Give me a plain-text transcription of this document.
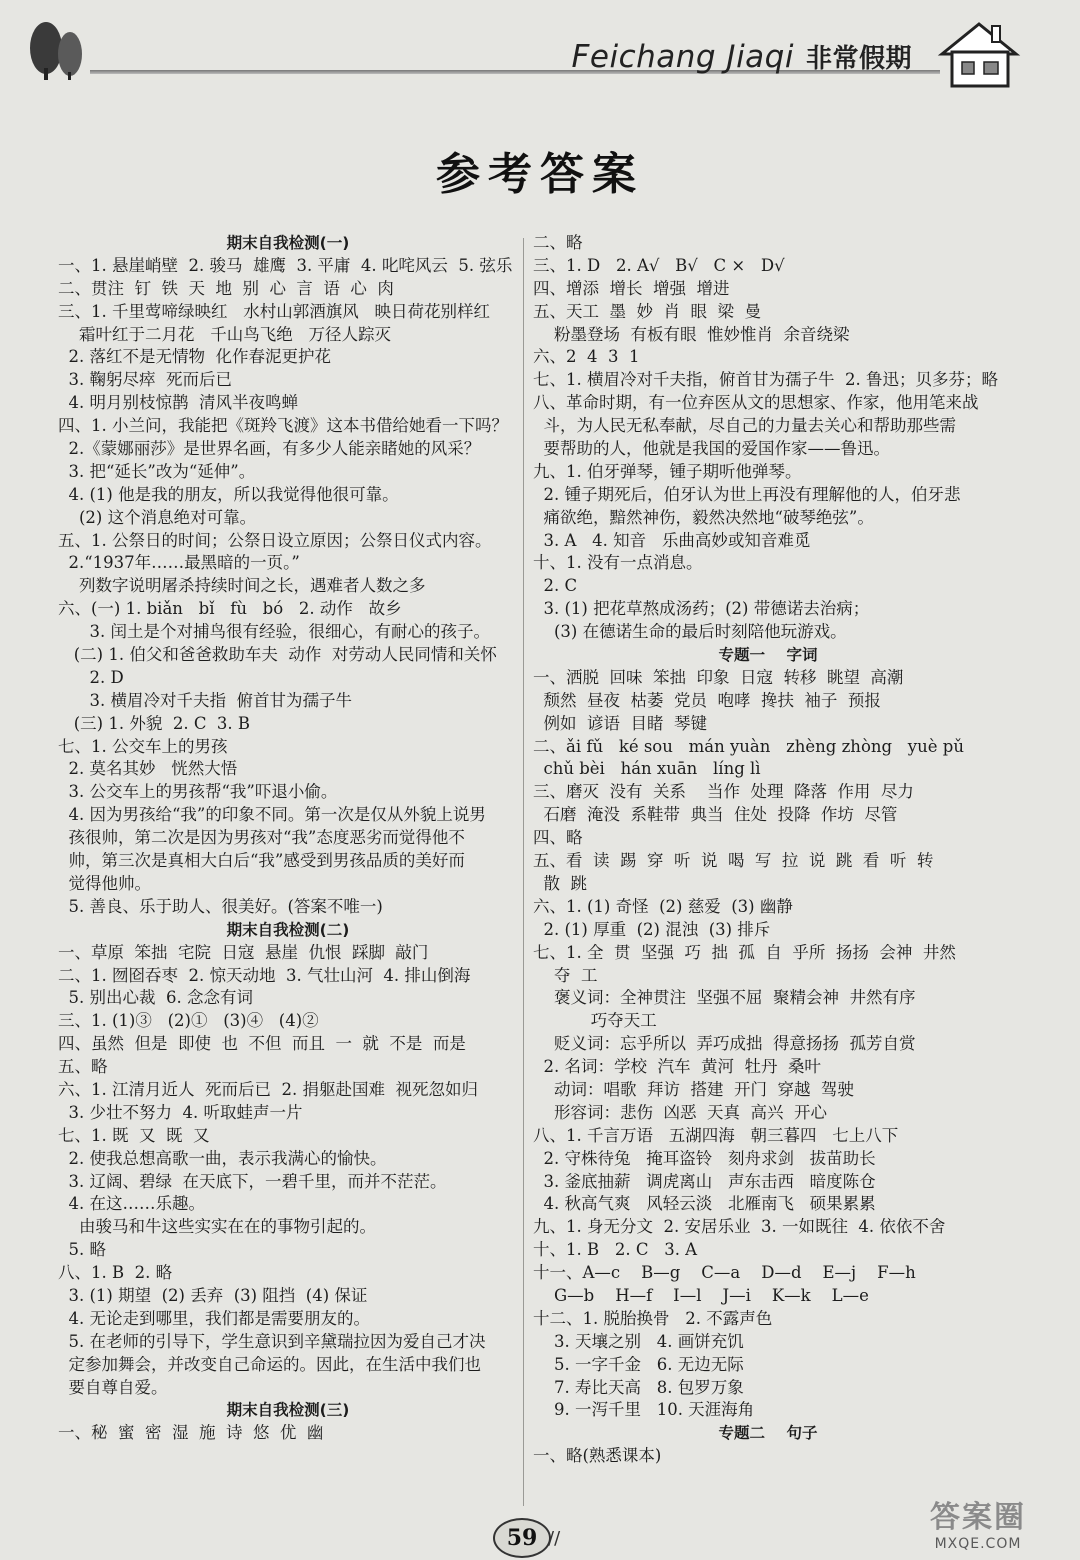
Feichang Jiaqi 非常假期
参考答案
期末自我检测(一)
一、1. 悬崖峭壁  2. 骏马  雄鹰  3. 平庸  4. 叱咤风云  5. 弦乐
二、贯注  钉  铁  天  地  别  心  言  语  心  肉
三、1. 千里莺啼绿映红   水村山郭酒旗风   映日荷花别样红
霜叶红于二月花   千山鸟飞绝   万径人踪灭
2. 落红不是无情物  化作春泥更护花
3. 鞠躬尽瘁  死而后已
4. 明月别枝惊鹊  清风半夜鸣蝉
四、1. 小兰问，我能把《斑羚飞渡》这本书借给她看一下吗？
2.《蒙娜丽莎》是世界名画，有多少人能亲睹她的风采？
3. 把“延长”改为“延伸”。
4. (1) 他是我的朋友，所以我觉得他很可靠。
(2) 这个消息绝对可靠。
五、1. 公祭日的时间；公祭日设立原因；公祭日仪式内容。
2.“1937年……最黑暗的一页。”
列数字说明屠杀持续时间之长，遇难者人数之多
六、(一) 1. biǎn   bǐ   fù   bó   2. 动作   故乡
3. 闰土是个对捕鸟很有经验，很细心，有耐心的孩子。
(二) 1. 伯父和爸爸救助车夫  动作  对劳动人民同情和关怀
2. D
3. 横眉冷对千夫指  俯首甘为孺子牛
(三) 1. 外貌  2. C  3. B
七、1. 公交车上的男孩
2. 莫名其妙   恍然大悟
3. 公交车上的男孩帮“我”吓退小偷。
4. 因为男孩给“我”的印象不同。第一次是仅从外貌上说男
孩很帅，第二次是因为男孩对“我”态度恶劣而觉得他不
帅，第三次是真相大白后“我”感受到男孩品质的美好而
觉得他帅。
5. 善良、乐于助人、很美好。(答案不唯一)
期末自我检测(二)
一、草原  笨拙  宅院  日寇  悬崖  仇恨  踩脚  敲门
二、1. 囫囵吞枣  2. 惊天动地  3. 气壮山河  4. 排山倒海
5. 别出心裁  6. 念念有词
三、1. (1)③   (2)①   (3)④   (4)②
四、虽然  但是  即使  也  不但  而且  一  就  不是  而是
五、略
六、1. 江清月近人  死而后已  2. 捐躯赴国难  视死忽如归
3. 少壮不努力  4. 听取蛙声一片
七、1. 既  又  既  又
2. 使我总想高歌一曲，表示我满心的愉快。
3. 辽阔、碧绿  在天底下，一碧千里，而并不茫茫。
4. 在这……乐趣。
由骏马和牛这些实实在在的事物引起的。
5. 略
八、1. B  2. 略
3. (1) 期望  (2) 丢弃  (3) 阻挡  (4) 保证
4. 无论走到哪里，我们都是需要朋友的。
5. 在老师的引导下，学生意识到辛黛瑞拉因为爱自己才决
定参加舞会，并改变自己命运的。因此，在生活中我们也
要自尊自爱。
期末自我检测(三)
一、秘  蜜  密  湿  施  诗  悠  优  幽
二、略
三、1. D   2. A√   B√   C ×   D√
四、增添  增长  增强  增进
五、天工  墨  妙  肖  眼  梁  曼
粉墨登场  有板有眼  惟妙惟肖  余音绕梁
六、2  4  3  1
七、1. 横眉冷对千夫指，俯首甘为孺子牛  2. 鲁迅；贝多芬；略
八、革命时期，有一位弃医从文的思想家、作家，他用笔来战
斗，为人民无私奉献，尽自己的力量去关心和帮助那些需
要帮助的人，他就是我国的爱国作家——鲁迅。
九、1. 伯牙弹琴，锺子期听他弹琴。
2. 锺子期死后，伯牙认为世上再没有理解他的人，伯牙悲
痛欲绝，黯然神伤，毅然决然地“破琴绝弦”。
3. A   4. 知音   乐曲高妙或知音难觅
十、1. 没有一点消息。
2. C
3. (1) 把花草熬成汤药；(2) 带德诺去治病；
(3) 在德诺生命的最后时刻陪他玩游戏。
专题一    字词
一、洒脱  回味  笨拙  印象  日寇  转移  眺望  高潮
颓然  昼夜  枯萎  党员  咆哮  搀扶  袖子  预报
例如  谚语  目睹  琴键
二、ǎi fǔ   ké sou   mán yuàn   zhèng zhòng   yuè pǔ
chǔ bèi   hán xuān   líng lì
三、磨灭  没有  关系    当作  处理  降落  作用  尽力
石磨  淹没  系鞋带  典当  住处  投降  作坊  尽管
四、略
五、看  读  踢  穿  听  说  喝  写  拉  说  跳  看  听  转
散  跳
六、1. (1) 奇怪  (2) 慈爱  (3) 幽静
2. (1) 厚重  (2) 混浊  (3) 排斥
七、1. 全  贯  坚强  巧  拙  孤  自  乎所  扬扬  会神  井然
夺  工
褒义词：全神贯注  坚强不屈  聚精会神  井然有序
巧夺天工
贬义词：忘乎所以  弄巧成拙  得意扬扬  孤芳自赏
2. 名词：学校  汽车  黄河  牡丹  桑叶
动词：唱歌  拜访  搭建  开门  穿越  驾驶
形容词：悲伤  凶恶  天真  高兴  开心
八、1. 千言万语   五湖四海   朝三暮四   七上八下
2. 守株待兔   掩耳盗铃   刻舟求剑   拔苗助长
3. 釜底抽薪   调虎离山   声东击西   暗度陈仓
4. 秋高气爽   风轻云淡   北雁南飞   硕果累累
九、1. 身无分文  2. 安居乐业  3. 一如既往  4. 依依不舍
十、1. B   2. C   3. A
十一、A—c    B—g    C—a    D—d    E—j    F—h
G—b    H—f    I—l    J—i    K—k    L—e
十二、1. 脱胎换骨   2. 不露声色
3. 天壤之别   4. 画饼充饥
5. 一字千金   6. 无边无际
7. 寿比天高   8. 包罗万象
9. 一泻千里   10. 天涯海角
专题二    句子
一、略(熟悉课本)
59 //
答案圈
MXQE.COM
